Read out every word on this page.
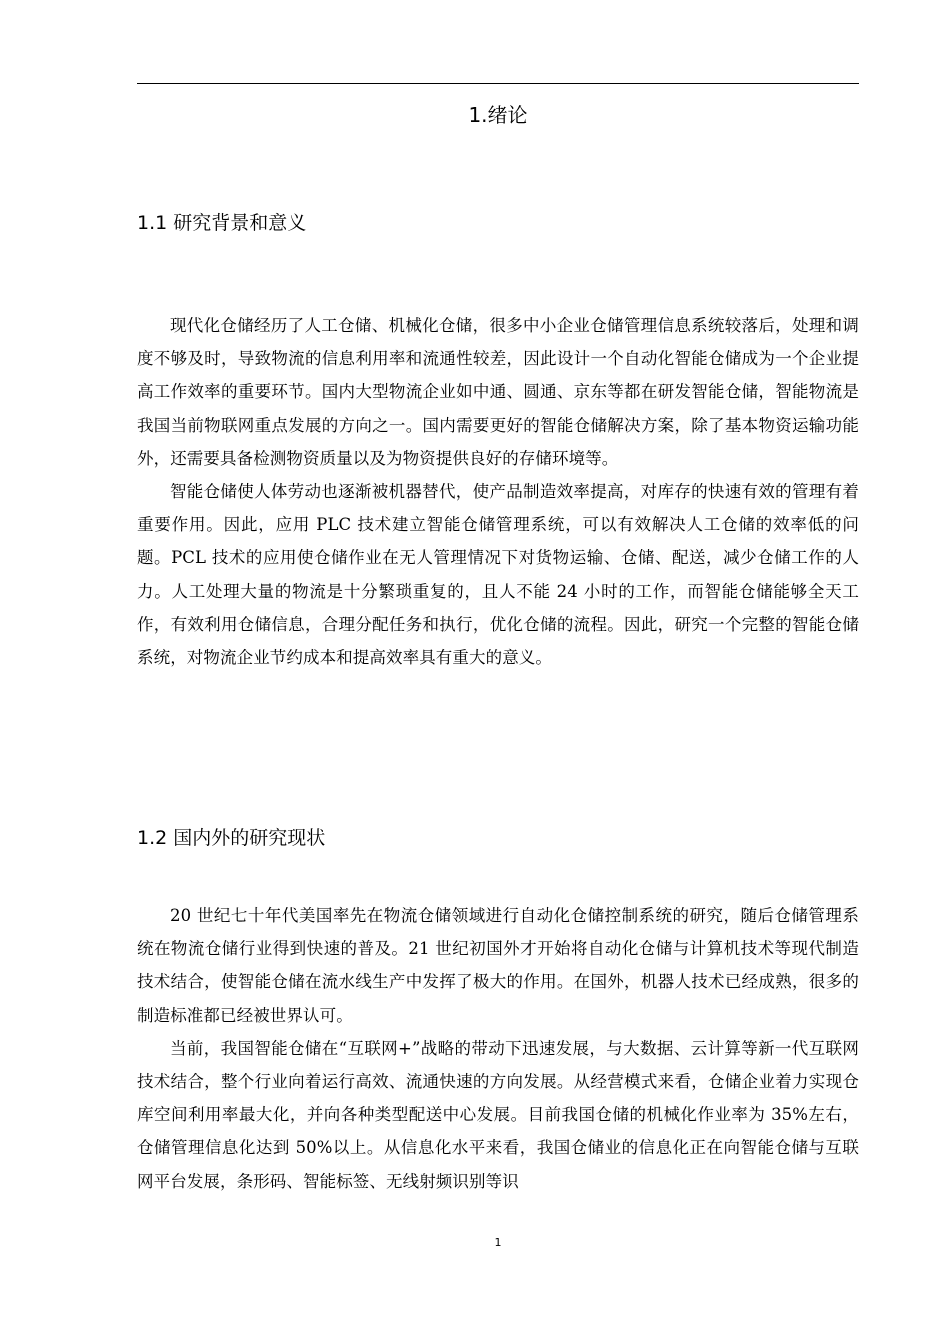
1.绪论
1.1 研究背景和意义

现代化仓储经历了人工仓储、机械化仓储，很多中小企业仓储管理信息系统较落后，处理和调度不够及时，导致物流的信息利用率和流通性较差，因此设计一个自动化智能仓储成为一个企业提高工作效率的重要环节。国内大型物流企业如中通、圆通、京东等都在研发智能仓储，智能物流是我国当前物联网重点发展的方向之一。国内需要更好的智能仓储解决方案，除了基本物资运输功能外，还需要具备检测物资质量以及为物资提供良好的存储环境等。

智能仓储使人体劳动也逐渐被机器替代，使产品制造效率提高，对库存的快速有效的管理有着重要作用。因此，应用 PLC 技术建立智能仓储管理系统，可以有效解决人工仓储的效率低的问题。PCL 技术的应用使仓储作业在无人管理情况下对货物运输、仓储、配送，减少仓储工作的人力。人工处理大量的物流是十分繁琐重复的，且人不能 24 小时的工作，而智能仓储能够全天工作，有效利用仓储信息，合理分配任务和执行，优化仓储的流程。因此，研究一个完整的智能仓储系统，对物流企业节约成本和提高效率具有重大的意义。

1.2 国内外的研究现状

20 世纪七十年代美国率先在物流仓储领域进行自动化仓储控制系统的研究，随后仓储管理系统在物流仓储行业得到快速的普及。21 世纪初国外才开始将自动化仓储与计算机技术等现代制造技术结合，使智能仓储在流水线生产中发挥了极大的作用。在国外，机器人技术已经成熟，很多的制造标准都已经被世界认可。

当前，我国智能仓储在“互联网+”战略的带动下迅速发展，与大数据、云计算等新一代互联网技术结合，整个行业向着运行高效、流通快速的方向发展。从经营模式来看，仓储企业着力实现仓库空间利用率最大化，并向各种类型配送中心发展。目前我国仓储的机械化作业率为 35%左右，仓储管理信息化达到 50%以上。从信息化水平来看，我国仓储业的信息化正在向智能仓储与互联网平台发展，条形码、智能标签、无线射频识别等识

1
